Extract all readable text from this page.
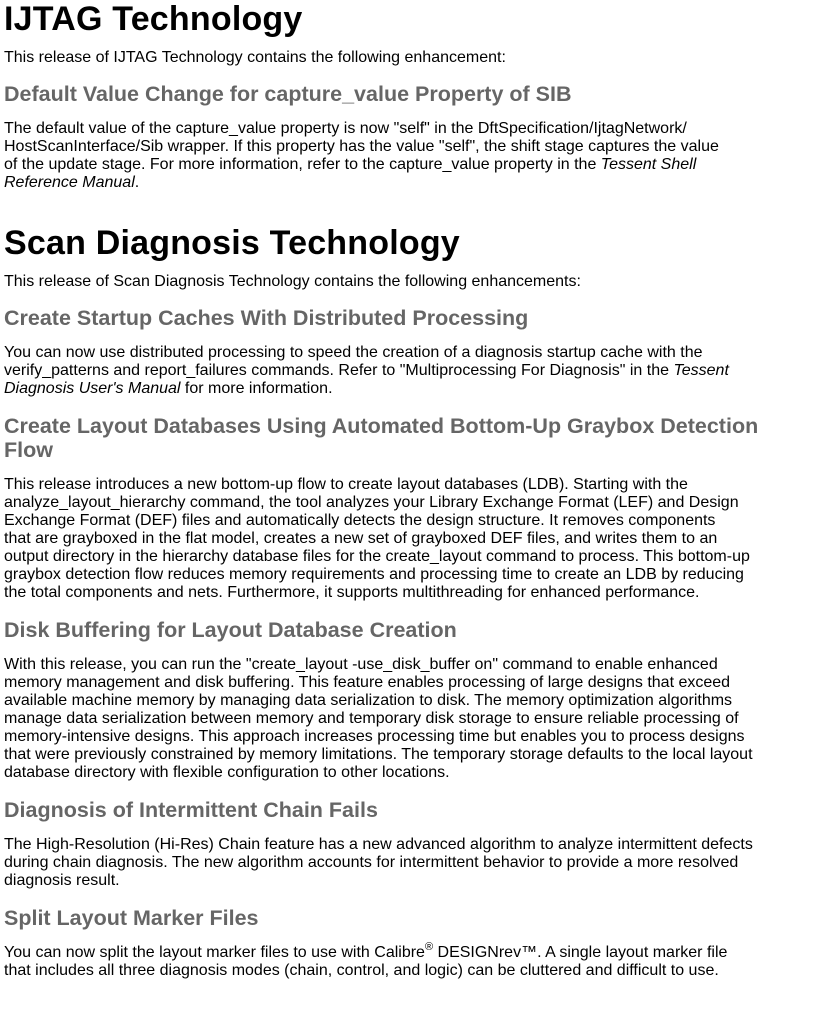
IJTAG Technology

This release of IJTAG Technology contains the following enhancement:

Default Value Change for capture_value Property of SIB

The default value of the capture_value property is now "self" in the DftSpecification/IjtagNetwork/
HostScanInterface/Sib wrapper. If this property has the value "self", the shift stage captures the value
of the update stage. For more information, refer to the capture_value property in the Tessent Shell
Reference Manual.

Scan Diagnosis Technology

This release of Scan Diagnosis Technology contains the following enhancements:

Create Startup Caches With Distributed Processing

You can now use distributed processing to speed the creation of a diagnosis startup cache with the
verify_patterns and report_failures commands. Refer to "Multiprocessing For Diagnosis" in the Tessent
Diagnosis User's Manual for more information.

Create Layout Databases Using Automated Bottom-Up Graybox Detection
Flow

This release introduces a new bottom-up flow to create layout databases (LDB). Starting with the
analyze_layout_hierarchy command, the tool analyzes your Library Exchange Format (LEF) and Design
Exchange Format (DEF) files and automatically detects the design structure. It removes components
that are grayboxed in the flat model, creates a new set of grayboxed DEF files, and writes them to an
output directory in the hierarchy database files for the create_layout command to process. This bottom-up
graybox detection flow reduces memory requirements and processing time to create an LDB by reducing
the total components and nets. Furthermore, it supports multithreading for enhanced performance.

Disk Buffering for Layout Database Creation

With this release, you can run the "create_layout -use_disk_buffer on" command to enable enhanced
memory management and disk buffering. This feature enables processing of large designs that exceed
available machine memory by managing data serialization to disk. The memory optimization algorithms
manage data serialization between memory and temporary disk storage to ensure reliable processing of
memory-intensive designs. This approach increases processing time but enables you to process designs
that were previously constrained by memory limitations. The temporary storage defaults to the local layout
database directory with flexible configuration to other locations.

Diagnosis of Intermittent Chain Fails

The High-Resolution (Hi-Res) Chain feature has a new advanced algorithm to analyze intermittent defects
during chain diagnosis. The new algorithm accounts for intermittent behavior to provide a more resolved
diagnosis result.

Split Layout Marker Files

You can now split the layout marker files to use with Calibre® DESIGNrev™. A single layout marker file
that includes all three diagnosis modes (chain, control, and logic) can be cluttered and difficult to use.
